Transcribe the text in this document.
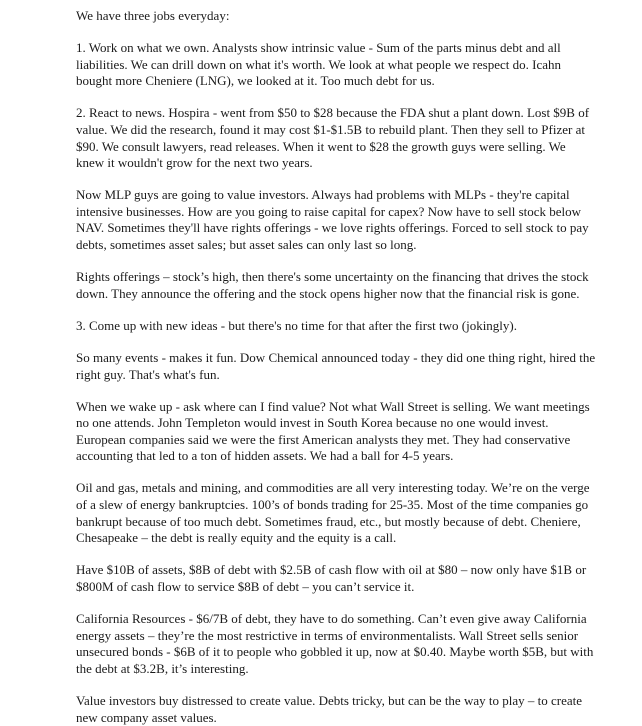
We have three jobs everyday:

1. Work on what we own. Analysts show intrinsic value - Sum of the parts minus debt and all liabilities. We can drill down on what it's worth. We look at what people we respect do. Icahn bought more Cheniere (LNG), we looked at it. Too much debt for us.

2. React to news. Hospira - went from $50 to $28 because the FDA shut a plant down. Lost $9B of value. We did the research, found it may cost $1-$1.5B to rebuild plant. Then they sell to Pfizer at $90. We consult lawyers, read releases. When it went to $28 the growth guys were selling. We knew it wouldn't grow for the next two years.

Now MLP guys are going to value investors. Always had problems with MLPs - they're capital intensive businesses. How are you going to raise capital for capex? Now have to sell stock below NAV. Sometimes they'll have rights offerings - we love rights offerings. Forced to sell stock to pay debts, sometimes asset sales; but asset sales can only last so long.

Rights offerings – stock’s high, then there's some uncertainty on the financing that drives the stock down. They announce the offering and the stock opens higher now that the financial risk is gone.

3. Come up with new ideas - but there's no time for that after the first two (jokingly).

So many events - makes it fun. Dow Chemical announced today - they did one thing right, hired the right guy. That's what's fun.

When we wake up - ask where can I find value? Not what Wall Street is selling. We want meetings no one attends. John Templeton would invest in South Korea because no one would invest. European companies said we were the first American analysts they met. They had conservative accounting that led to a ton of hidden assets. We had a ball for 4-5 years.

Oil and gas, metals and mining, and commodities are all very interesting today. We’re on the verge of a slew of energy bankruptcies. 100’s of bonds trading for 25-35. Most of the time companies go bankrupt because of too much debt. Sometimes fraud, etc., but mostly because of debt. Cheniere, Chesapeake – the debt is really equity and the equity is a call.

Have $10B of assets, $8B of debt with $2.5B of cash flow with oil at $80 – now only have $1B or $800M of cash flow to service $8B of debt – you can’t service it.

California Resources - $6/7B of debt, they have to do something. Can’t even give away California energy assets – they’re the most restrictive in terms of environmentalists. Wall Street sells senior unsecured bonds - $6B of it to people who gobbled it up, now at $0.40. Maybe worth $5B, but with the debt at $3.2B, it’s interesting.

Value investors buy distressed to create value. Debts tricky, but can be the way to play – to create new company asset values.
